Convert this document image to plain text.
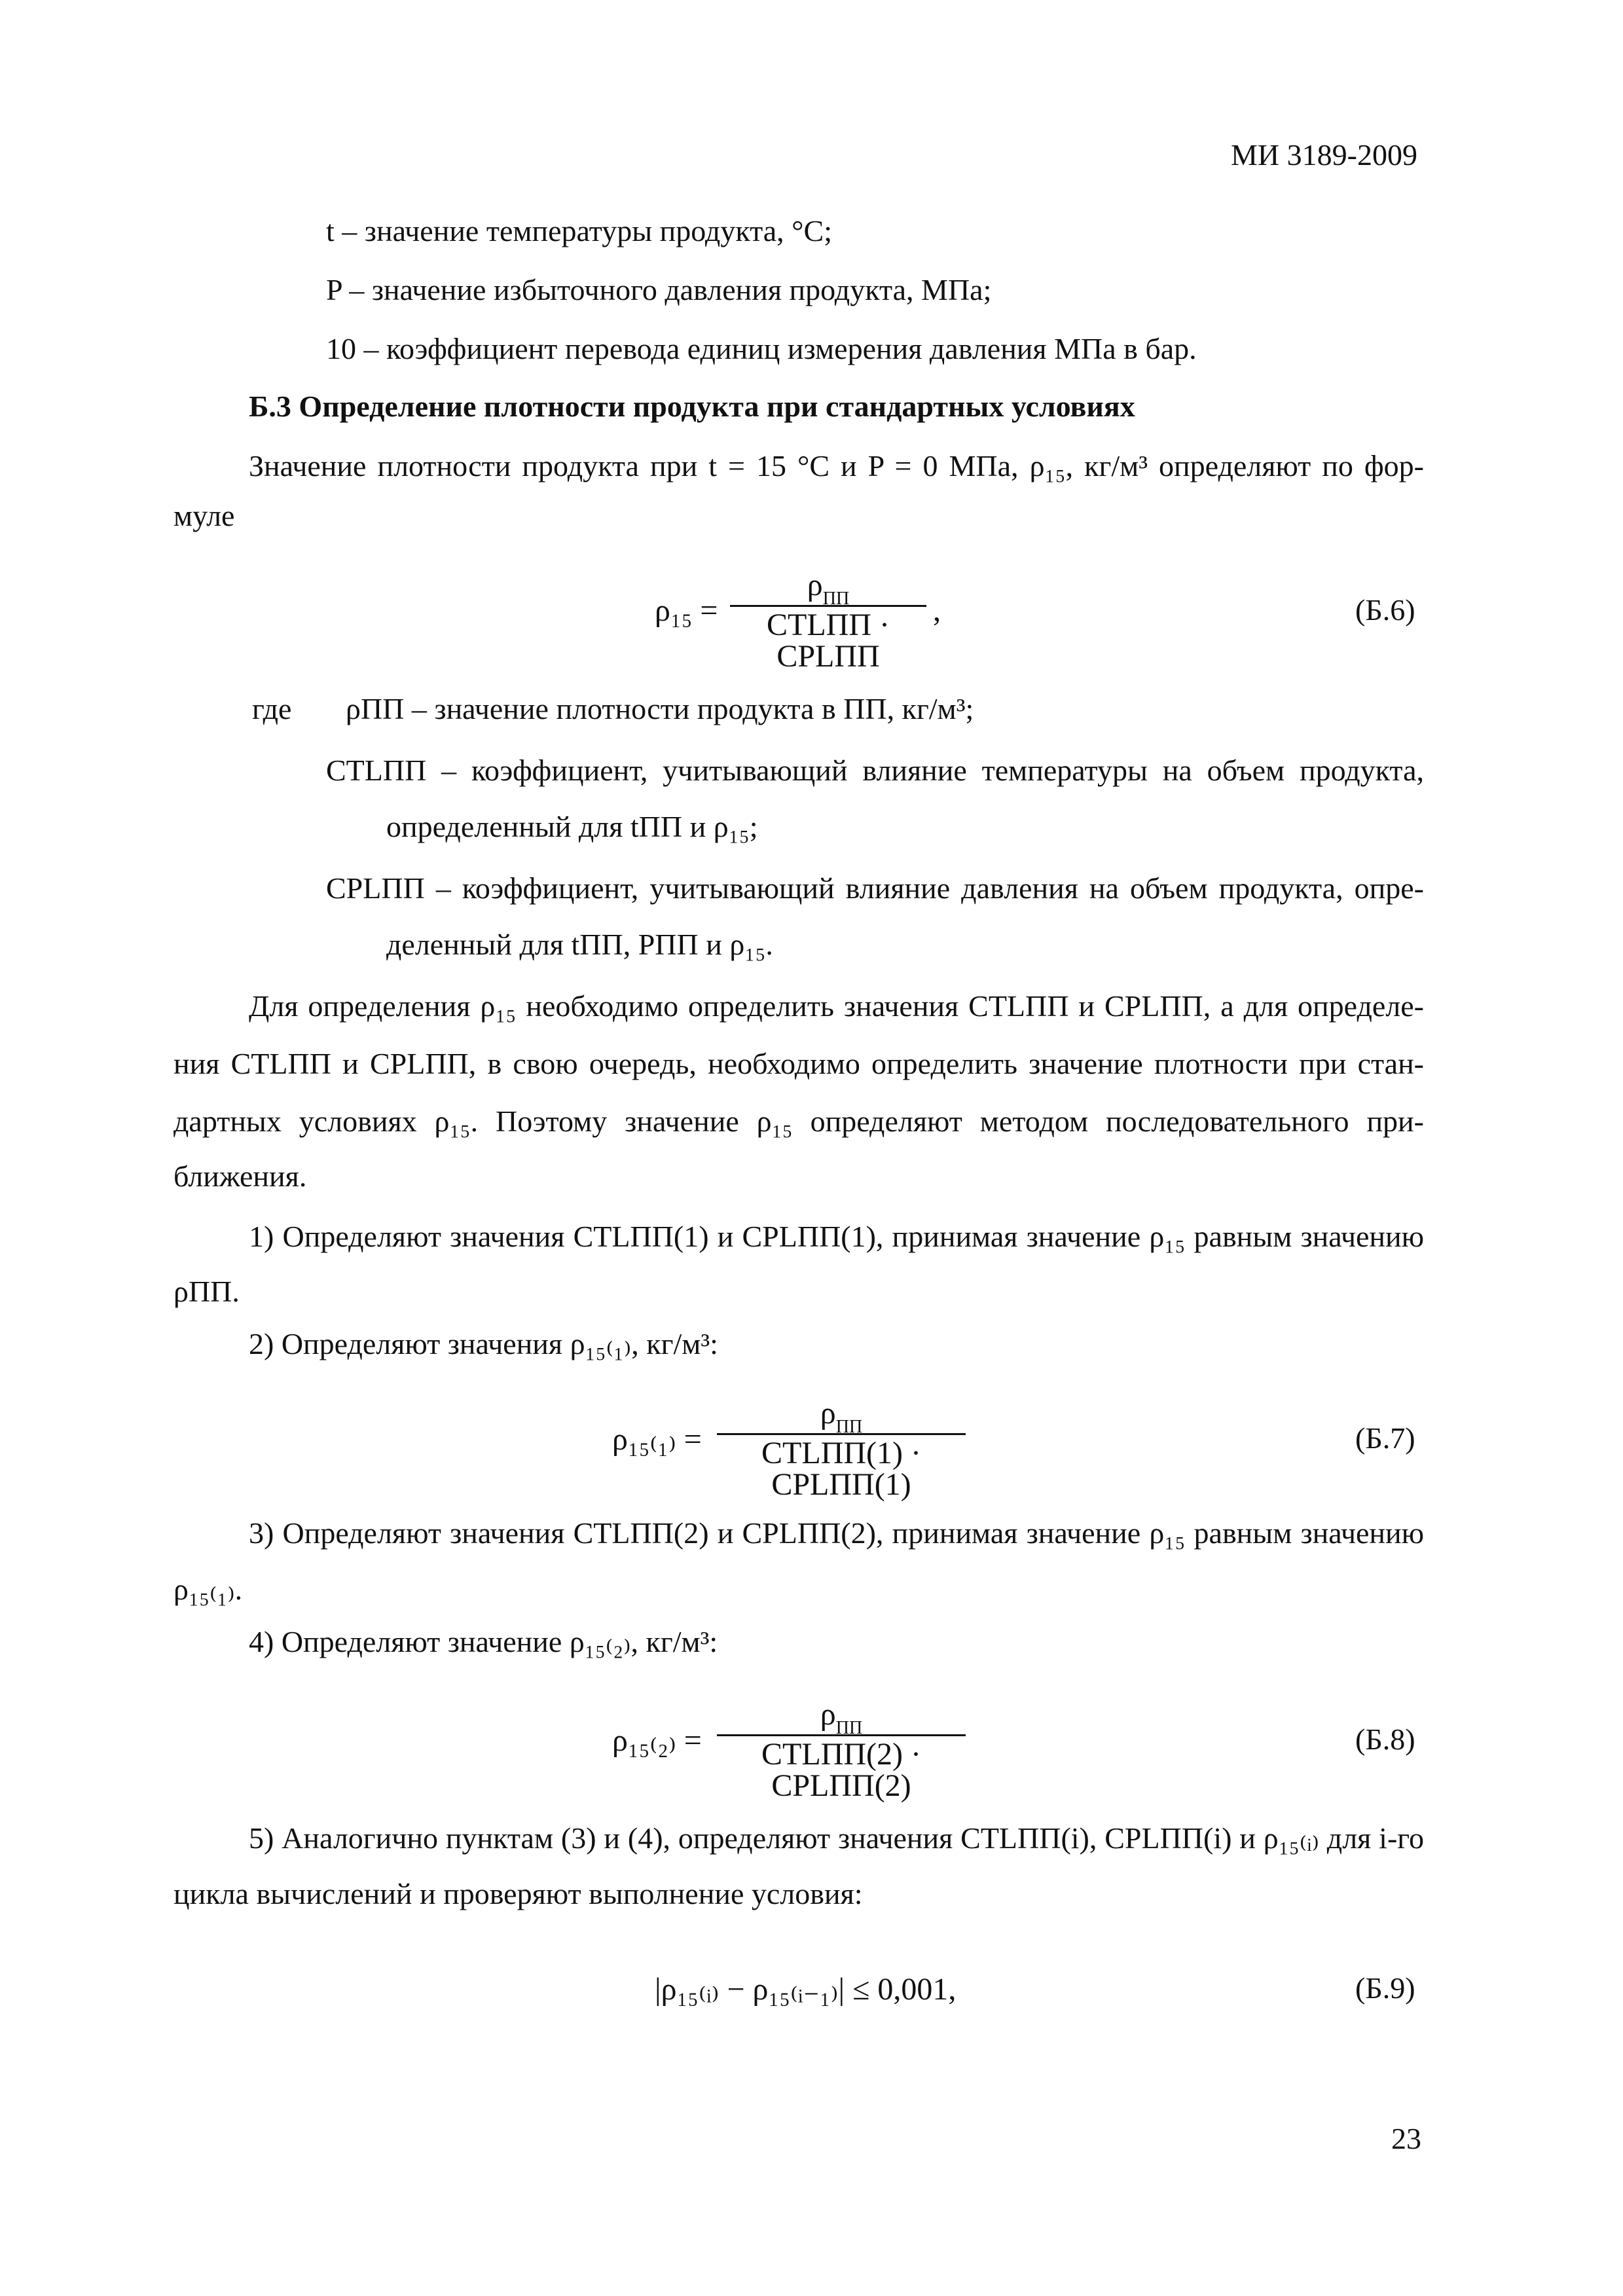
МИ 3189-2009
t – значение температуры продукта, °C;
P – значение избыточного давления продукта, МПа;
10 – коэффициент перевода единиц измерения давления МПа в бар.
Б.3 Определение плотности продукта при стандартных условиях
Значение плотности продукта при t = 15 °C и P = 0 МПа, ρ₁₅, кг/м³ определяют по фор-
муле
ρ₁₅ =
$\rho_{ПП}$
CTLПП · CPLПП
,	(Б.6)
где ρПП – значение плотности продукта в ПП, кг/м³;
CTLПП – коэффициент, учитывающий влияние температуры на объем продукта,
определенный для tПП и ρ₁₅;
CPLПП – коэффициент, учитывающий влияние давления на объем продукта, опре-
деленный для tПП, PПП и ρ₁₅.
Для определения ρ₁₅ необходимо определить значения CTLПП и CPLПП, а для определе-
ния CTLПП и CPLПП, в свою очередь, необходимо определить значение плотности при стан-
дартных условиях ρ₁₅. Поэтому значение ρ₁₅ определяют методом последовательного при-
ближения.
1) Определяют значения CTLПП(1) и CPLПП(1), принимая значение ρ₁₅ равным значению
ρПП.
2) Определяют значения ρ₁₅₍₁₎, кг/м³:
ρ₁₅₍₁₎ =
$\rho_{ПП}$
CTLПП(1) · CPLПП(1)
(Б.7)
3) Определяют значения CTLПП(2) и CPLПП(2), принимая значение ρ₁₅ равным значению
ρ₁₅₍₁₎.
4) Определяют значение ρ₁₅₍₂₎, кг/м³:
ρ₁₅₍₂₎ =
$\rho_{ПП}$
CTLПП(2) · CPLПП(2)
(Б.8)
5) Аналогично пунктам (3) и (4), определяют значения CTLПП(i), CPLПП(i) и ρ₁₅₍ᵢ₎ для i-го
цикла вычислений и проверяют выполнение условия:
|ρ₁₅₍ᵢ₎ − ρ₁₅₍ᵢ₋₁₎| ≤ 0,001,	(Б.9)
23
